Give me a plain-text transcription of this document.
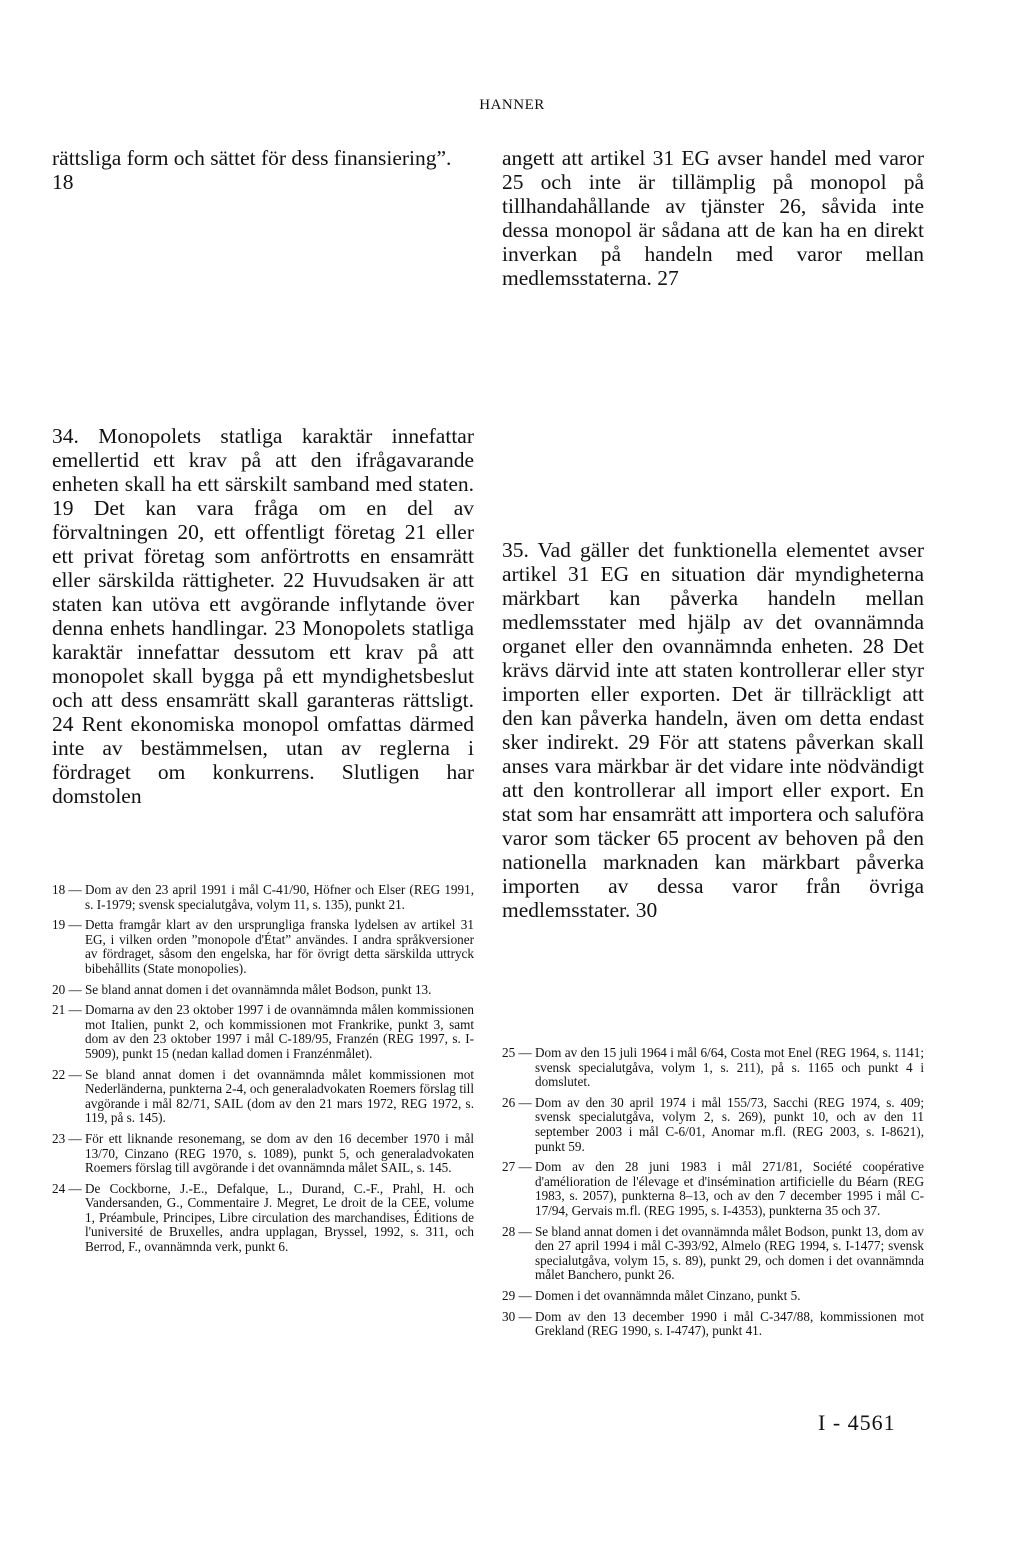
HANNER

rättsliga form och sättet för dess finansiering”. 18

34. Monopolets statliga karaktär innefattar emellertid ett krav på att den ifrågavarande enheten skall ha ett särskilt samband med staten. 19 Det kan vara fråga om en del av förvaltningen 20, ett offentligt företag 21 eller ett privat företag som anförtrotts en ensamrätt eller särskilda rättigheter. 22 Huvudsaken är att staten kan utöva ett avgörande inflytande över denna enhets handlingar. 23 Monopolets statliga karaktär innefattar dessutom ett krav på att monopolet skall bygga på ett myndighetsbeslut och att dess ensamrätt skall garanteras rättsligt. 24 Rent ekonomiska monopol omfattas därmed inte av bestämmelsen, utan av reglerna i fördraget om konkurrens. Slutligen har domstolen

18 — Dom av den 23 april 1991 i mål C-41/90, Höfner och Elser (REG 1991, s. I-1979; svensk specialutgåva, volym 11, s. 135), punkt 21.
19 — Detta framgår klart av den ursprungliga franska lydelsen av artikel 31 EG, i vilken orden ”monopole d'État” användes. I andra språkversioner av fördraget, såsom den engelska, har för övrigt detta särskilda uttryck bibehållits (State monopolies).
20 — Se bland annat domen i det ovannämnda målet Bodson, punkt 13.
21 — Domarna av den 23 oktober 1997 i de ovannämnda målen kommissionen mot Italien, punkt 2, och kommissionen mot Frankrike, punkt 3, samt dom av den 23 oktober 1997 i mål C-189/95, Franzén (REG 1997, s. I-5909), punkt 15 (nedan kallad domen i Franzénmålet).
22 — Se bland annat domen i det ovannämnda målet kommissionen mot Nederländerna, punkterna 2-4, och generaladvokaten Roemers förslag till avgörande i mål 82/71, SAIL (dom av den 21 mars 1972, REG 1972, s. 119, på s. 145).
23 — För ett liknande resonemang, se dom av den 16 december 1970 i mål 13/70, Cinzano (REG 1970, s. 1089), punkt 5, och generaladvokaten Roemers förslag till avgörande i det ovannämnda målet SAIL, s. 145.
24 — De Cockborne, J.-E., Defalque, L., Durand, C.-F., Prahl, H. och Vandersanden, G., Commentaire J. Megret, Le droit de la CEE, volume 1, Préambule, Principes, Libre circulation des marchandises, Éditions de l'université de Bruxelles, andra upplagan, Bryssel, 1992, s. 311, och Berrod, F., ovannämnda verk, punkt 6.

angett att artikel 31 EG avser handel med varor 25 och inte är tillämplig på monopol på tillhandahållande av tjänster 26, såvida inte dessa monopol är sådana att de kan ha en direkt inverkan på handeln med varor mellan medlemsstaterna. 27

35. Vad gäller det funktionella elementet avser artikel 31 EG en situation där myndigheterna märkbart kan påverka handeln mellan medlemsstater med hjälp av det ovannämnda organet eller den ovannämnda enheten. 28 Det krävs därvid inte att staten kontrollerar eller styr importen eller exporten. Det är tillräckligt att den kan påverka handeln, även om detta endast sker indirekt. 29 För att statens påverkan skall anses vara märkbar är det vidare inte nödvändigt att den kontrollerar all import eller export. En stat som har ensamrätt att importera och saluföra varor som täcker 65 procent av behoven på den nationella marknaden kan märkbart påverka importen av dessa varor från övriga medlemsstater. 30

25 — Dom av den 15 juli 1964 i mål 6/64, Costa mot Enel (REG 1964, s. 1141; svensk specialutgåva, volym 1, s. 211), på s. 1165 och punkt 4 i domslutet.
26 — Dom av den 30 april 1974 i mål 155/73, Sacchi (REG 1974, s. 409; svensk specialutgåva, volym 2, s. 269), punkt 10, och av den 11 september 2003 i mål C-6/01, Anomar m.fl. (REG 2003, s. I-8621), punkt 59.
27 — Dom av den 28 juni 1983 i mål 271/81, Société coopérative d'amélioration de l'élevage et d'insémination artificielle du Béarn (REG 1983, s. 2057), punkterna 8–13, och av den 7 december 1995 i mål C-17/94, Gervais m.fl. (REG 1995, s. I-4353), punkterna 35 och 37.
28 — Se bland annat domen i det ovannämnda målet Bodson, punkt 13, dom av den 27 april 1994 i mål C-393/92, Almelo (REG 1994, s. I-1477; svensk specialutgåva, volym 15, s. 89), punkt 29, och domen i det ovannämnda målet Banchero, punkt 26.
29 — Domen i det ovannämnda målet Cinzano, punkt 5.
30 — Dom av den 13 december 1990 i mål C-347/88, kommissionen mot Grekland (REG 1990, s. I-4747), punkt 41.
I - 4561
